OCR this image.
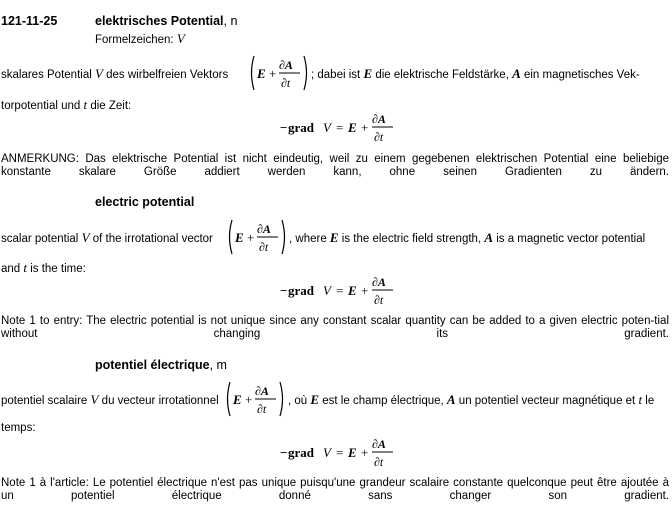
121-11-25	elektrisches Potential, n
Formelzeichen: V
skalares Potential V des wirbelfreien Vektors E +
∂A
∂t
; dabei ist E die elektrische Feldstärke, A ein magnetisches Vek-
torpotential und t die Zeit:
− grad V = E +
∂A
∂t
ANMERKUNG: Das elektrische Potential ist nicht eindeutig, weil zu einem gegebenen elektrischen Potential eine beliebige konstante skalare Größe addiert werden kann, ohne seinen Gradienten zu ändern.
electric potential
scalar potential V of the irrotational vector E +
∂A
∂t
, where E is the electric field strength, A is a magnetic vector potential
and t is the time:
− grad V = E +
∂A
∂t
Note 1 to entry: The electric potential is not unique since any constant scalar quantity can be added to a given electric poten-tial without changing its gradient.
potentiel électrique, m
potentiel scalaire V du vecteur irrotationnel E +
∂A
∂t
, où E est le champ électrique, A un potentiel vecteur magnétique et t le
temps:
− grad V = E +
∂A
∂t
Note 1 à l'article: Le potentiel électrique n'est pas unique puisqu'une grandeur scalaire constante quelconque peut être ajoutée à un potentiel électrique donné sans changer son gradient.
